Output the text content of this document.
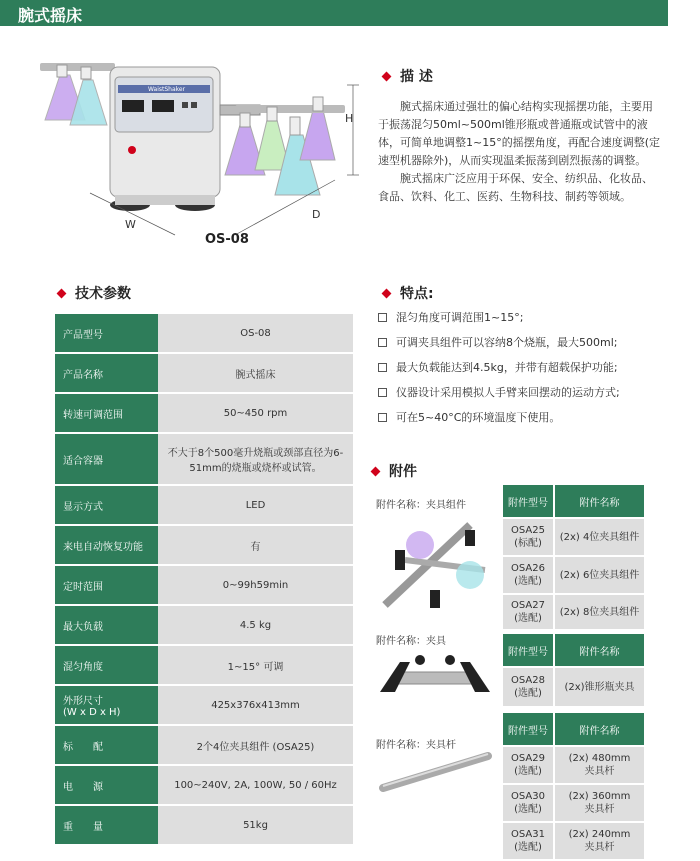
腕式摇床
WaistShaker
W
D
H
OS-08
描 述

腕式摇床通过强壮的偏心结构实现摇摆功能，主要用于振荡混匀50ml~500ml锥形瓶或普通瓶或试管中的液体，可简单地调整1~15°的摇摆角度，再配合速度调整(定速型机器除外)，从而实现温柔振荡到剧烈振荡的调整。

腕式摇床广泛应用于环保、安全、纺织品、化妆品、食品、饮料、化工、医药、生物科技、制药等领域。

技术参数
产品型号	OS-08
产品名称	腕式摇床
转速可调范围	50~450 rpm
适合容器	不大于8个500毫升烧瓶或颈部直径为6-51mm的烧瓶或烧杯或试管。
显示方式	LED
来电自动恢复功能	有
定时范围	0~99h59min
最大负载	4.5 kg
混匀角度	1~15° 可调
外形尺寸
(W x D x H)	425x376x413mm
标　　配	2个4位夹具组件 (OSA25)
电　　源	100~240V, 2A, 100W, 50 / 60Hz
重　　量	51kg
特点:
混匀角度可调范围1~15°;
可调夹具组件可以容纳8个烧瓶，最大500ml;
最大负载能达到4.5kg，并带有超载保护功能;
仪器设计采用模拟人手臂来回摆动的运动方式;
可在5~40°C的环境温度下使用。
附件
附件名称：夹具组件
附件名称：夹具
附件名称：夹具杆
附件型号	附件名称
OSA25
(标配)	(2x) 4位夹具组件
OSA26
(选配)	(2x) 6位夹具组件
OSA27
(选配)	(2x) 8位夹具组件
附件型号	附件名称
OSA28
(选配)	(2x)锥形瓶夹具
附件型号	附件名称
OSA29
(选配)	(2x) 480mm
夹具杆
OSA30
(选配)	(2x) 360mm
夹具杆
OSA31
(选配)	(2x) 240mm
夹具杆
